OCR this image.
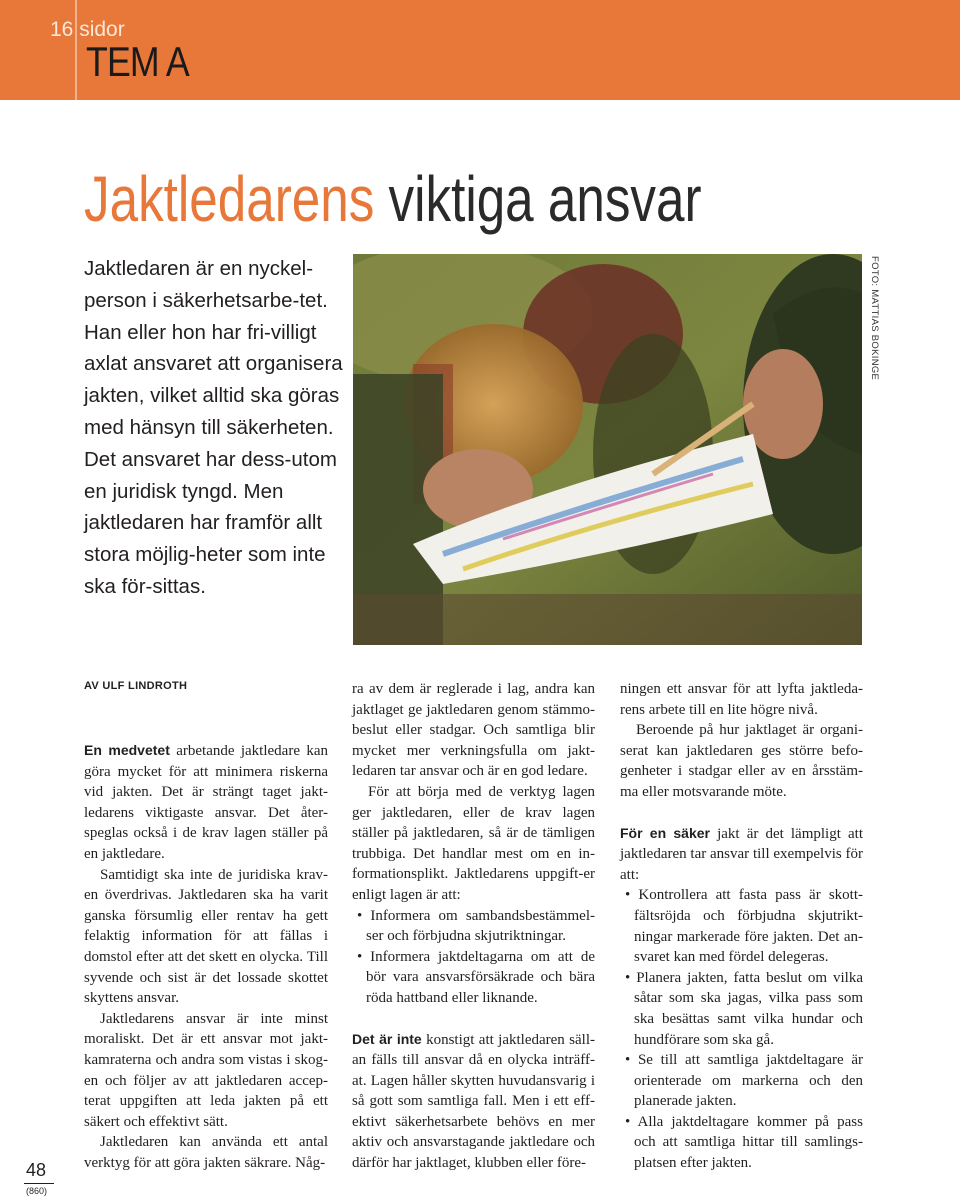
16 sidor
TEM A
Jaktledarens viktiga ansvar

Jaktledaren är en nyckel-person i säkerhetsarbe-tet. Han eller hon har fri-villigt axlat ansvaret att organisera jakten, vilket alltid ska göras med hänsyn till säkerheten. Det ansvaret har dess-utom en juridisk tyngd. Men jaktledaren har framför allt stora möjlig-heter som inte ska för-sittas.

FOTO: MATTIAS BOKINGE
AV ULF LINDROTH

En medvetet arbetande jaktledare kan göra mycket för att minimera riskerna vid jakten. Det är strängt taget jakt-ledarens viktigaste ansvar. Det åter-speglas också i de krav lagen ställer på en jaktledare.

Samtidigt ska inte de juridiska krav-en överdrivas. Jaktledaren ska ha varit ganska försumlig eller rentav ha gett felaktig information för att fällas i domstol efter att det skett en olycka. Till syvende och sist är det lossade skottet skyttens ansvar.

Jaktledarens ansvar är inte minst moraliskt. Det är ett ansvar mot jakt-kamraterna och andra som vistas i skog-en och följer av att jaktledaren accep-terat uppgiften att leda jakten på ett säkert och effektivt sätt.

Jaktledaren kan använda ett antal verktyg för att göra jakten säkrare. Någ-

ra av dem är reglerade i lag, andra kan jaktlaget ge jaktledaren genom stämmo-beslut eller stadgar. Och samtliga blir mycket mer verkningsfulla om jakt-ledaren tar ansvar och är en god ledare.

För att börja med de verktyg lagen ger jaktledaren, eller de krav lagen ställer på jaktledaren, så är de tämligen trubbiga. Det handlar mest om en in-formationsplikt. Jaktledarens uppgift-er enligt lagen är att:

• Informera om sambandsbestämmel-ser och förbjudna skjutriktningar.
• Informera jaktdeltagarna om att de bör vara ansvarsförsäkrade och bära röda hattband eller liknande.

Det är inte konstigt att jaktledaren säll-an fälls till ansvar då en olycka inträff-at. Lagen håller skytten huvudansvarig i så gott som samtliga fall. Men i ett eff-ektivt säkerhetsarbete behövs en mer aktiv och ansvarstagande jaktledare och därför har jaktlaget, klubben eller före-

ningen ett ansvar för att lyfta jaktleda-rens arbete till en lite högre nivå.

Beroende på hur jaktlaget är organi-serat kan jaktledaren ges större befo-genheter i stadgar eller av en årsstäm-ma eller motsvarande möte.

För en säker jakt är det lämpligt att jaktledaren tar ansvar till exempelvis för att:

• Kontrollera att fasta pass är skott-fältsröjda och förbjudna skjutrikt-ningar markerade före jakten. Det an-svaret kan med fördel delegeras.
• Planera jakten, fatta beslut om vilka såtar som ska jagas, vilka pass som ska besättas samt vilka hundar och hundförare som ska gå.
• Se till att samtliga jaktdeltagare är orienterade om markerna och den planerade jakten.
• Alla jaktdeltagare kommer på pass och att samtliga hittar till samlings-platsen efter jakten.
48
(860)
